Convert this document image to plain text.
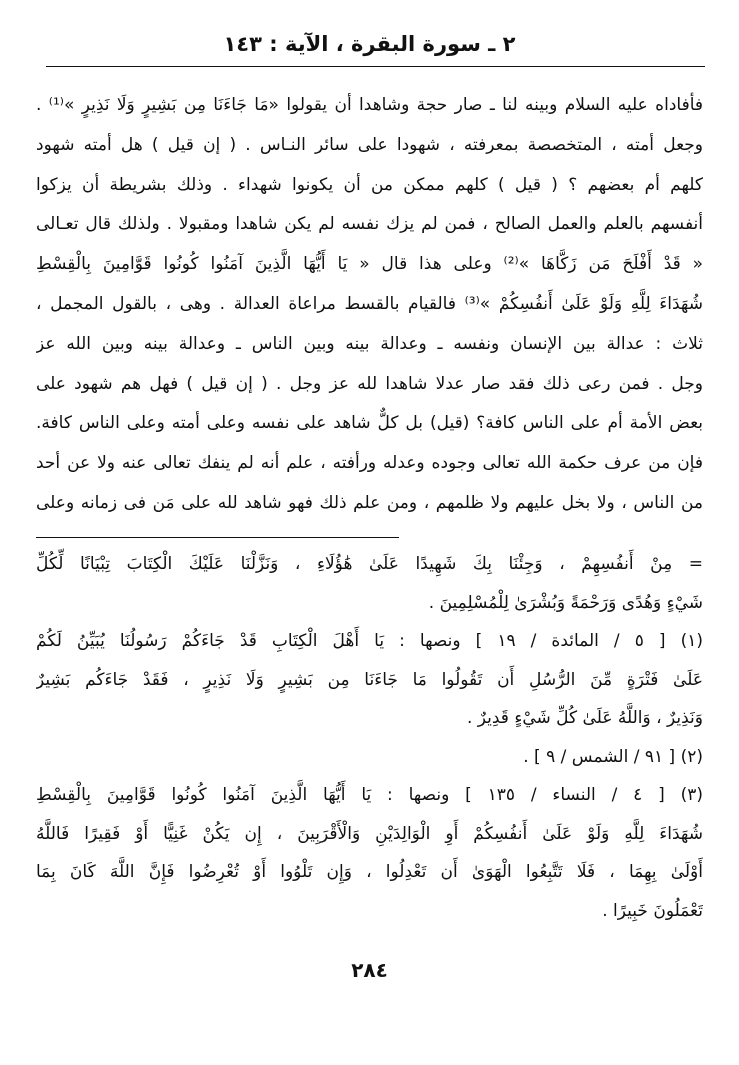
٢ ـ سورة البقرة ، الآية : ١٤٣
فأفاداه عليه السلام وبينه لنا ـ صار حجة وشاهدا أن يقولوا «مَا جَاءَنَا مِن بَشِيرٍ وَلَا نَذِيرٍ »⁽¹⁾ .
وجعل أمته ، المتخصصة بمعرفته ، شهودا على سائر النـاس . ( إن قيل ) هل أمته شهود
كلهم أم بعضهم ؟ ( قيل ) كلهم ممكن من أن يكونوا شهداء . وذلك بشريطة أن يزكوا
أنفسهم بالعلم والعمل الصالح ، فمن لم يزك نفسه لم يكن شاهدا ومقبولا . ولذلك قال تعـالى
« قَدْ أَفْلَحَ مَن زَكَّاهَا »⁽²⁾ وعلى هذا قال « يَا أَيُّهَا الَّذِينَ آمَنُوا كُونُوا قَوَّامِينَ بِالْقِسْطِ
شُهَدَاءَ لِلَّهِ وَلَوْ عَلَىٰ أَنفُسِكُمْ »⁽³⁾ فالقيام بالقسط مراعاة العدالة . وهى ، بالقول المجمل ،
ثلاث : عدالة بين الإنسان ونفسه ـ وعدالة بينه وبين الناس ـ وعدالة بينه وبين الله عز
وجل . فمن رعى ذلك فقد صار عدلا شاهدا لله عز وجل . ( إن قيل ) فهل هم شهود على
بعض الأمة أم على الناس كافة؟ (قيل) بل كلٌّ شاهد على نفسه وعلى أمته وعلى الناس كافة.
فإن من عرف حكمة الله تعالى وجوده وعدله ورأفته ، علم أنه لم ينفك تعالى عنه ولا عن أحد
من الناس ، ولا بخل عليهم ولا ظلمهم ، ومن علم ذلك فهو شاهد لله على مَن فى زمانه وعلى
= مِنْ أَنفُسِهِمْ ، وَجِئْنَا بِكَ شَهِيدًا عَلَىٰ هَٰؤُلَاءِ ، وَنَزَّلْنَا عَلَيْكَ الْكِتَابَ تِبْيَانًا لِّكُلِّ
شَيْءٍ وَهُدًى وَرَحْمَةً وَبُشْرَىٰ لِلْمُسْلِمِينَ .
(١) [ ٥ / المائدة / ١٩ ] ونصها : يَا أَهْلَ الْكِتَابِ قَدْ جَاءَكُمْ رَسُولُنَا يُبَيِّنُ لَكُمْ
عَلَىٰ فَتْرَةٍ مِّنَ الرُّسُلِ أَن تَقُولُوا مَا جَاءَنَا مِن بَشِيرٍ وَلَا نَذِيرٍ ، فَقَدْ جَاءَكُم بَشِيرٌ
وَنَذِيرٌ ، وَاللَّهُ عَلَىٰ كُلِّ شَيْءٍ قَدِيرٌ .
(٢) [ ٩١ / الشمس / ٩ ] .
(٣) [ ٤ / النساء / ١٣٥ ] ونصها : يَا أَيُّهَا الَّذِينَ آمَنُوا كُونُوا قَوَّامِينَ بِالْقِسْطِ
شُهَدَاءَ لِلَّهِ وَلَوْ عَلَىٰ أَنفُسِكُمْ أَوِ الْوَالِدَيْنِ وَالْأَقْرَبِينَ ، إِن يَكُنْ غَنِيًّا أَوْ فَقِيرًا فَاللَّهُ
أَوْلَىٰ بِهِمَا ، فَلَا تَتَّبِعُوا الْهَوَىٰ أَن تَعْدِلُوا ، وَإِن تَلْوُوا أَوْ تُعْرِضُوا فَإِنَّ اللَّهَ كَانَ بِمَا
تَعْمَلُونَ خَبِيرًا .
٢٨٤
